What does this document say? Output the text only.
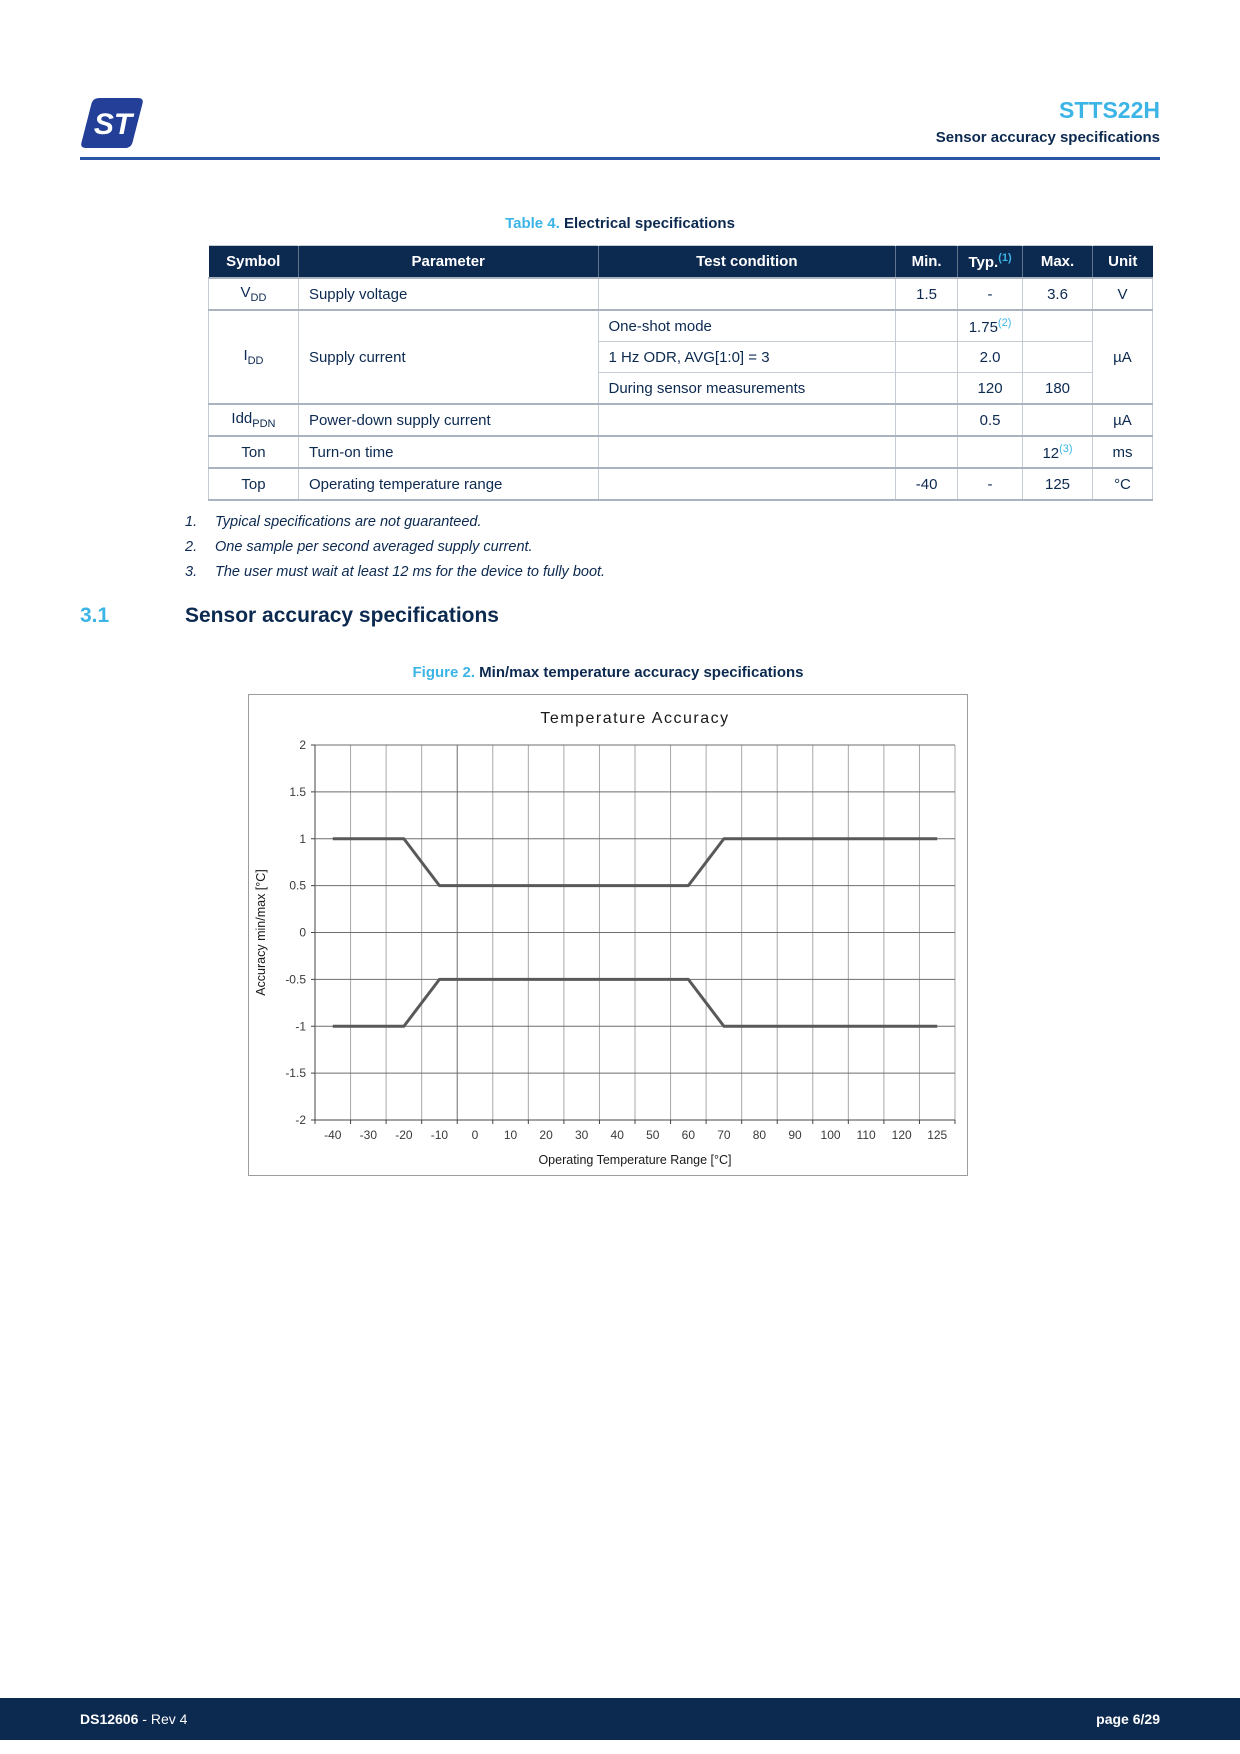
ST	STTS22H
Sensor accuracy specifications
Table 4. Electrical specifications
Symbol	Parameter	Test condition	Min.	Typ.$^{(1)}$	Max.	Unit
$V_{DD}$	Supply voltage		1.5	-	3.6	V
$I_{DD}$	Supply current	One-shot mode		1.75$^{(2)}$		µA
		1 Hz ODR, AVG[1:0] = 3		2.0		
		During sensor measurements		120	180	
Idd$_{PDN}$	Power-down supply current			0.5		µA
Ton	Turn-on time				12$^{(3)}$	ms
Top	Operating temperature range		-40	-	125	°C
1.	Typical specifications are not guaranteed.
2.	One sample per second averaged supply current.
3.	The user must wait at least 12 ms for the device to fully boot.
3.1	Sensor accuracy specifications
Figure 2. Min/max temperature accuracy specifications
2
1.5
1
0.5
0
-0.5
-1
-1.5
-2
-40 -30 -20 -10 0 10 20 30 40 50 60 70 80 90 100 110 120 125
Temperature Accuracy
Operating Temperature Range [°C]
Accuracy min/max [°C]
DS12606 - Rev 4	page 6/29
